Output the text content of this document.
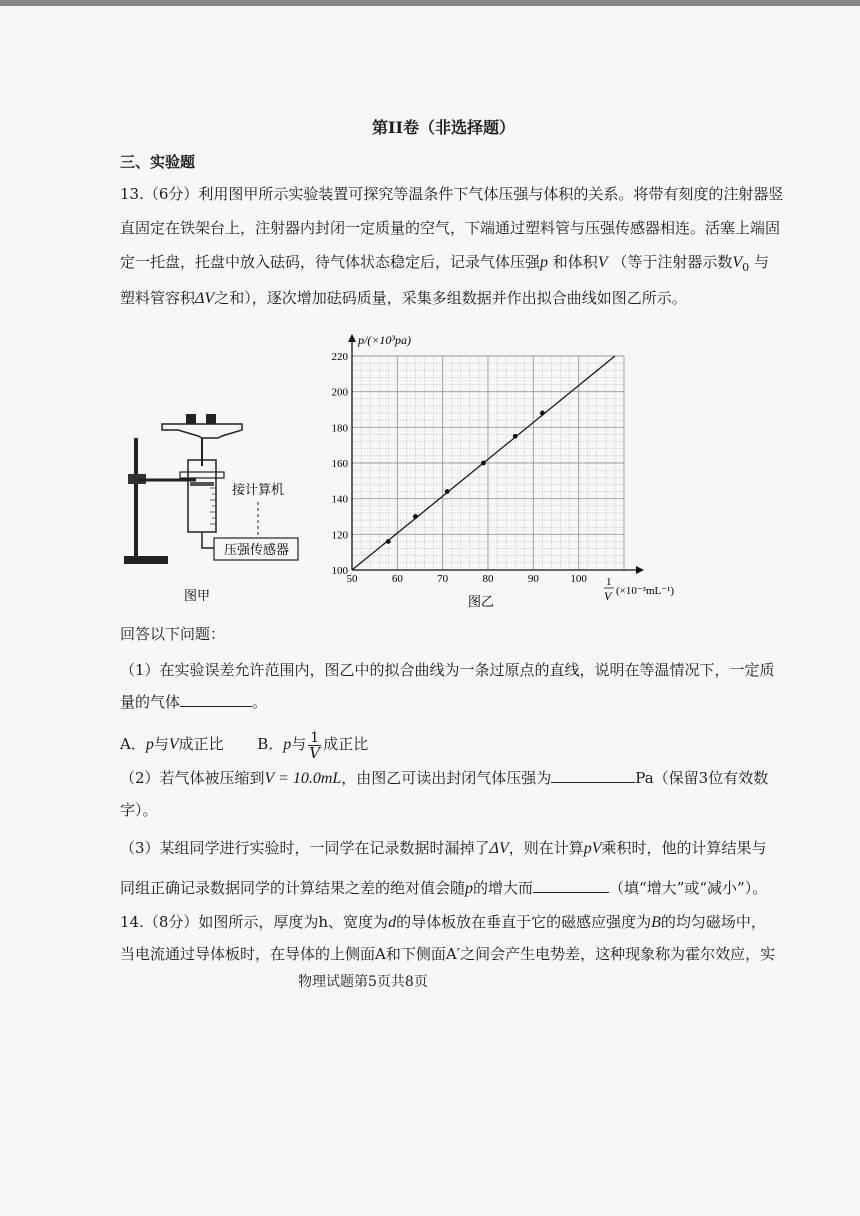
第II卷（非选择题）
三、实验题
13.（6分）利用图甲所示实验装置可探究等温条件下气体压强与体积的关系。将带有刻度的注射器竖
直固定在铁架台上，注射器内封闭一定质量的空气，下端通过塑料管与压强传感器相连。活塞上端固
定一托盘，托盘中放入砝码，待气体状态稳定后，记录气体压强p 和体积V （等于注射器示数$V_0$ 与
塑料管容积ΔV之和），逐次增加砝码质量，采集多组数据并作出拟合曲线如图乙所示。
压强传感器
接计算机
图甲
50	60	70	80	90	100
100
120
140
160
180
200
220
p/(×10³pa)
1
V (×10⁻³mL⁻¹)
图乙
回答以下问题：
（1）在实验误差允许范围内，图乙中的拟合曲线为一条过原点的直线，说明在等温情况下，一定质
量的气体	。
A．p与V成正比 B．p与 $\frac{1}{V}$ 成正比
（2）若气体被压缩到V = 10.0mL，由图乙可读出封闭气体压强为	Pa（保留3位有效数
字）。
（3）某组同学进行实验时，一同学在记录数据时漏掉了ΔV，则在计算pV乘积时，他的计算结果与
同组正确记录数据同学的计算结果之差的绝对值会随p的增大而	（填“增大”或“减小”）。
14.（8分）如图所示，厚度为h、宽度为d的导体板放在垂直于它的磁感应强度为B的均匀磁场中，
当电流通过导体板时，在导体的上侧面A和下侧面A′之间会产生电势差，这种现象称为霍尔效应，实
物理试题第5页共8页
